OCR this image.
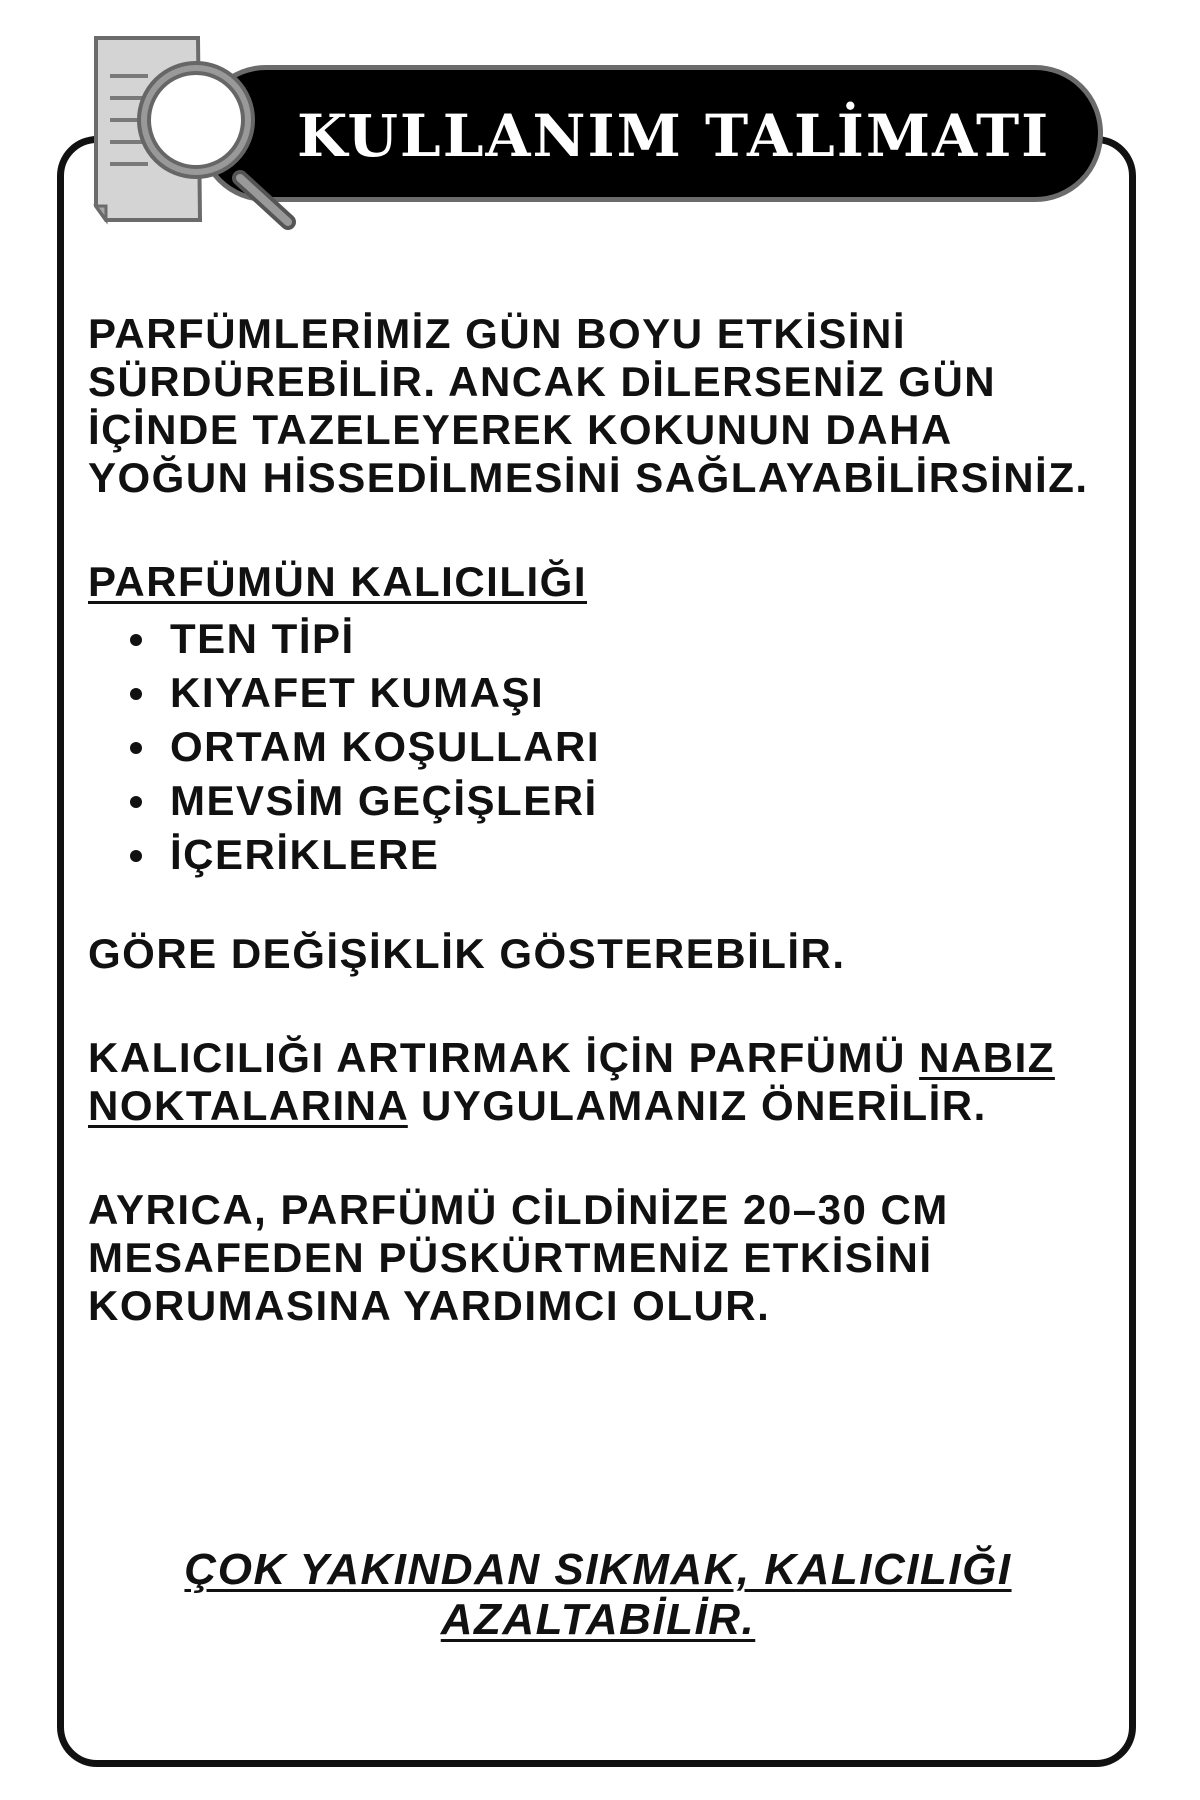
KULLANIM TALİMATI

PARFÜMLERİMİZ GÜN BOYU ETKİSİNİ SÜRDÜREBİLİR. ANCAK DİLERSENİZ GÜN İÇİNDE TAZELEYEREK KOKUNUN DAHA YOĞUN HİSSEDİLMESİNİ SAĞLAYABİLİRSİNİZ.

PARFÜMÜN KALICILIĞI

TEN TİPİ
KIYAFET KUMAŞI
ORTAM KOŞULLARI
MEVSİM GEÇİŞLERİ
İÇERİKLERE

GÖRE DEĞİŞİKLİK GÖSTEREBİLİR.

KALICILIĞI ARTIRMAK İÇİN PARFÜMÜ NABIZ NOKTALARINA UYGULAMANIZ ÖNERİLİR.

AYRICA, PARFÜMÜ CİLDİNİZE 20–30 CM MESAFEDEN PÜSKÜRTMENİZ ETKİSİNİ KORUMASINA YARDIMCI OLUR.

ÇOK YAKINDAN SIKMAK, KALICILIĞI AZALTABİLİR.
